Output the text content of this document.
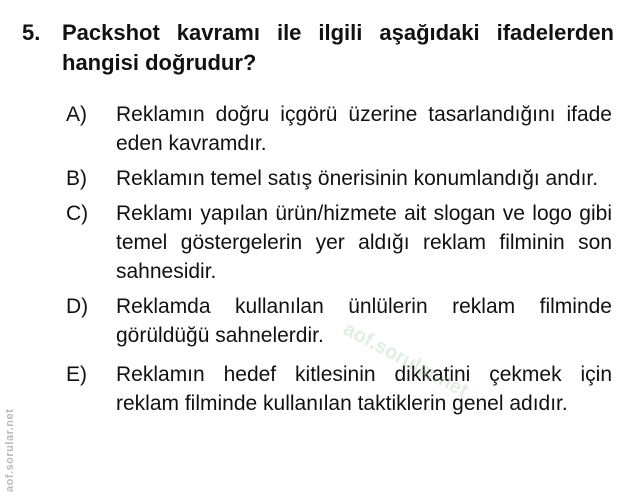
5. Packshot kavramı ile ilgili aşağıdaki ifadelerden hangisi doğrudur?
A)	Reklamın doğru içgörü üzerine tasarlandığını ifade eden kavramdır.
B)	Reklamın temel satış önerisinin konumlandığı andır.
C)	Reklamı yapılan ürün/hizmete ait slogan ve logo gibi temel göstergelerin yer aldığı reklam filminin son sahnesidir.
D)	Reklamda kullanılan ünlülerin reklam filminde görüldüğü sahnelerdir.
E)	Reklamın hedef kitlesinin dikkatini çekmek için reklam filminde kullanılan taktiklerin genel adıdır.
aof.sorular.net
aof.sorular.net
